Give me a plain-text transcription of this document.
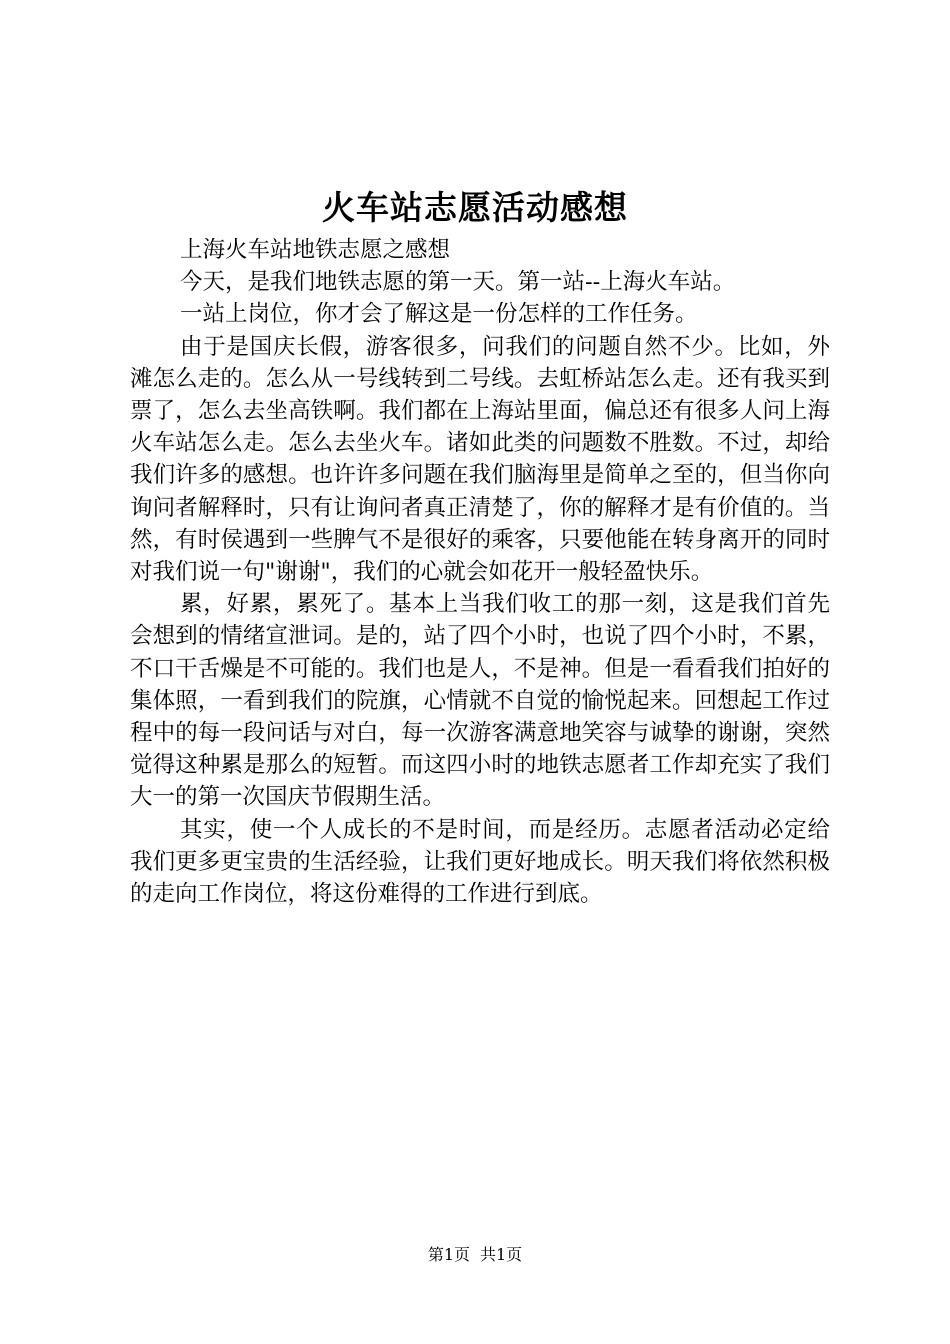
火车站志愿活动感想

上海火车站地铁志愿之感想

今天，是我们地铁志愿的第一天。第一站--上海火车站。

一站上岗位，你才会了解这是一份怎样的工作任务。

由于是国庆长假，游客很多，问我们的问题自然不少。比如，外滩怎么走的。怎么从一号线转到二号线。去虹桥站怎么走。还有我买到票了，怎么去坐高铁啊。我们都在上海站里面，偏总还有很多人问上海火车站怎么走。怎么去坐火车。诸如此类的问题数不胜数。不过，却给我们许多的感想。也许许多问题在我们脑海里是简单之至的，但当你向询问者解释时，只有让询问者真正清楚了，你的解释才是有价值的。当然，有时侯遇到一些脾气不是很好的乘客，只要他能在转身离开的同时对我们说一句"谢谢"，我们的心就会如花开一般轻盈快乐。

累，好累，累死了。基本上当我们收工的那一刻，这是我们首先会想到的情绪宣泄词。是的，站了四个小时，也说了四个小时，不累，不口干舌燥是不可能的。我们也是人，不是神。但是一看看我们拍好的集体照，一看到我们的院旗，心情就不自觉的愉悦起来。回想起工作过程中的每一段问话与对白，每一次游客满意地笑容与诚挚的谢谢，突然觉得这种累是那么的短暂。而这四小时的地铁志愿者工作却充实了我们大一的第一次国庆节假期生活。

其实，使一个人成长的不是时间，而是经历。志愿者活动必定给我们更多更宝贵的生活经验，让我们更好地成长。明天我们将依然积极的走向工作岗位，将这份难得的工作进行到底。

第1页 共1页
